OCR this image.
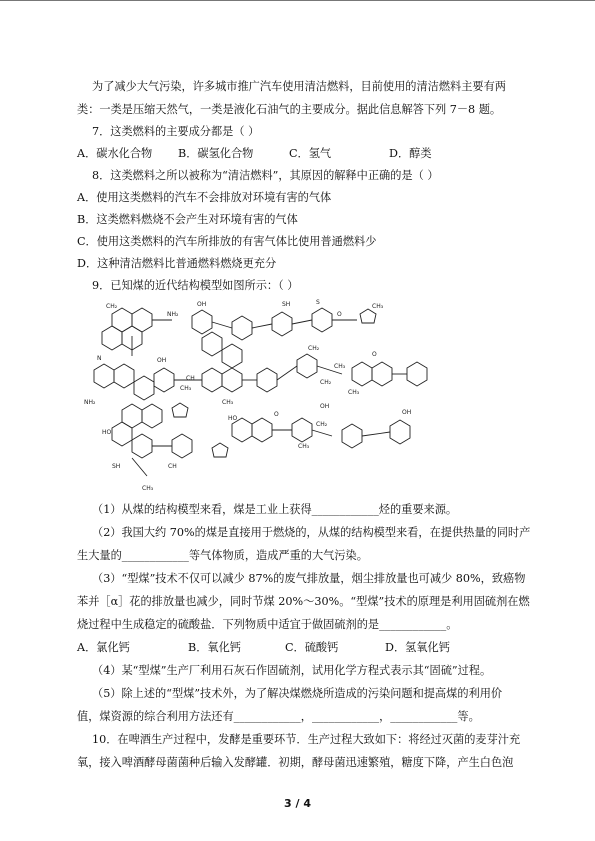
为了减少大气污染，许多城市推广汽车使用清洁燃料，目前使用的清洁燃料主要有两
类：一类是压缩天然气，一类是液化石油气的主要成分。据此信息解答下列 7－8 题。
7．这类燃料的主要成分都是（ ）
A．碳水化合物 B．碳氢化合物	C．氢气	D．醇类
8．这类燃料之所以被称为“清洁燃料”，其原因的解释中正确的是（ ）
A．使用这类燃料的汽车不会排放对环境有害的气体
B．这类燃料燃烧不会产生对环境有害的气体
C．使用这类燃料的汽车所排放的有害气体比使用普通燃料少
D．这种清洁燃料比普通燃料燃烧更充分
9．已知煤的近代结构模型如图所示：（ ）
CH₂
NH₂
OH	SH	S
O
CH₃
N	OH
CH₂
CH₃
O
NH₂
HO
CH₃
CH
CH₃
CH₂
CH₃
OH
SH	CH
O
HO
OH
CH₃
CH₂
CH₃
（1）从煤的结构模型来看，煤是工业上获得____________烃的重要来源。
（2）我国大约 70%的煤是直接用于燃烧的，从煤的结构模型来看，在提供热量的同时产
生大量的____________等气体物质，造成严重的大气污染。
（3）“型煤”技术不仅可以减少 87%的废气排放量，烟尘排放量也可减少 80%，致癌物
苯并［α］花的排放量也减少，同时节煤 20%～30%。“型煤”技术的原理是利用固硫剂在燃
烧过程中生成稳定的硫酸盐．下列物质中适宜于做固硫剂的是____________。
A．氯化钙	B．氧化钙	C．硫酸钙	D．氢氧化钙
（4）某“型煤”生产厂利用石灰石作固硫剂，试用化学方程式表示其“固硫”过程。
（5）除上述的“型煤”技术外，为了解决煤燃烧所造成的污染问题和提高煤的利用价
值，煤资源的综合利用方法还有____________，____________，____________等。
10．在啤酒生产过程中，发酵是重要环节．生产过程大致如下：将经过灭菌的麦芽汁充
氧，接入啤酒酵母菌菌种后输入发酵罐．初期，酵母菌迅速繁殖，糖度下降，产生白色泡
3 / 4
